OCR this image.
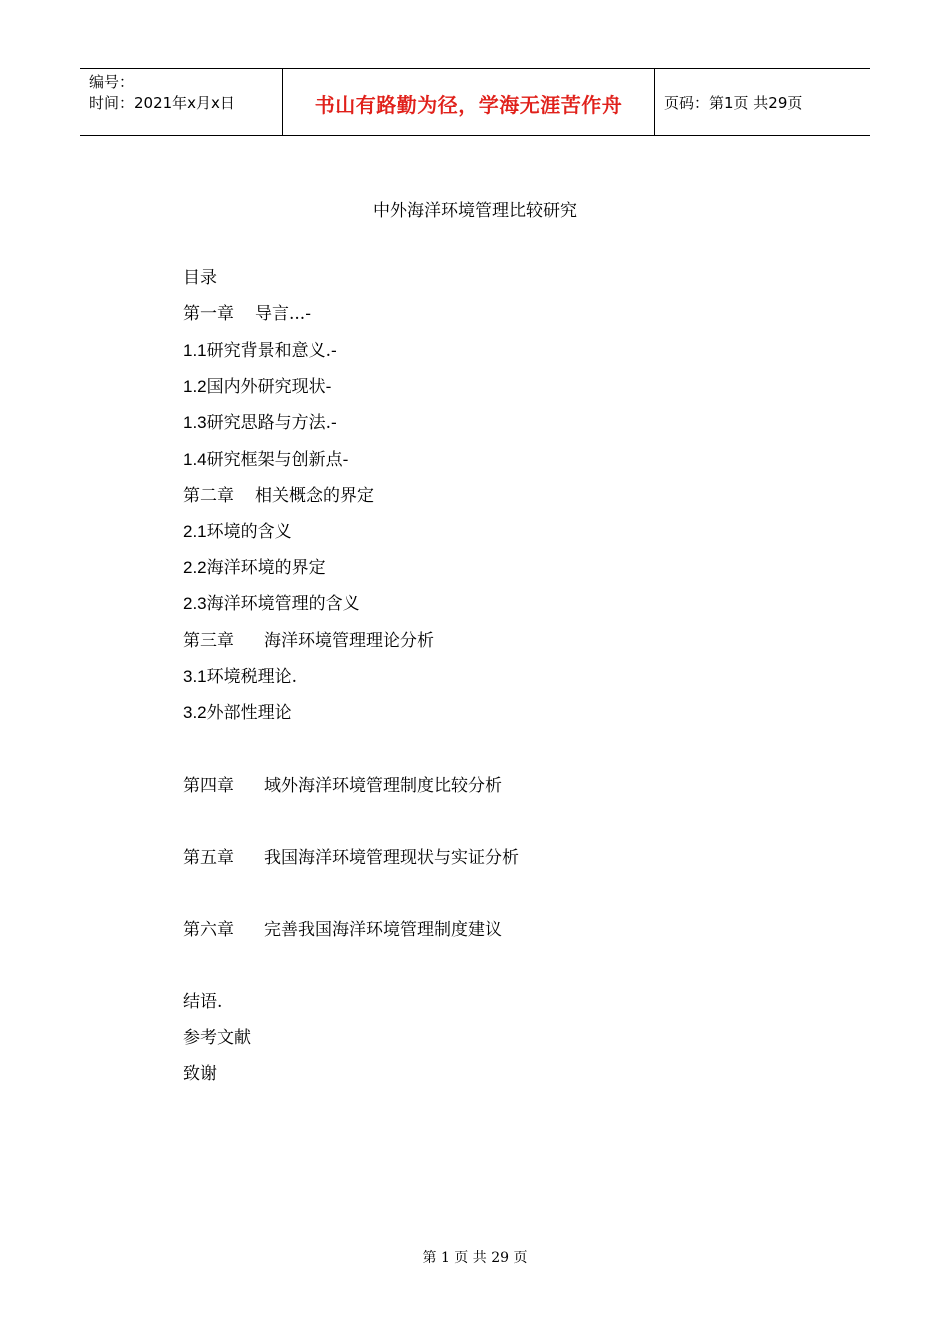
编号：
时间：2021年x月x日	书山有路勤为径，学海无涯苦作舟	页码：第1页 共29页
中外海洋环境管理比较研究
目录
第一章 导言...-
1.1研究背景和意义.-
1.2国内外研究现状-
1.3研究思路与方法.-
1.4研究框架与创新点-
第二章 相关概念的界定
2.1环境的含义
2.2海洋环境的界定
2.3海洋环境管理的含义
第三章 海洋环境管理理论分析
3.1环境税理论.
3.2外部性理论
第四章 域外海洋环境管理制度比较分析
第五章 我国海洋环境管理现状与实证分析
第六章 完善我国海洋环境管理制度建议
结语.
参考文献
致谢
第 1 页 共 29 页
